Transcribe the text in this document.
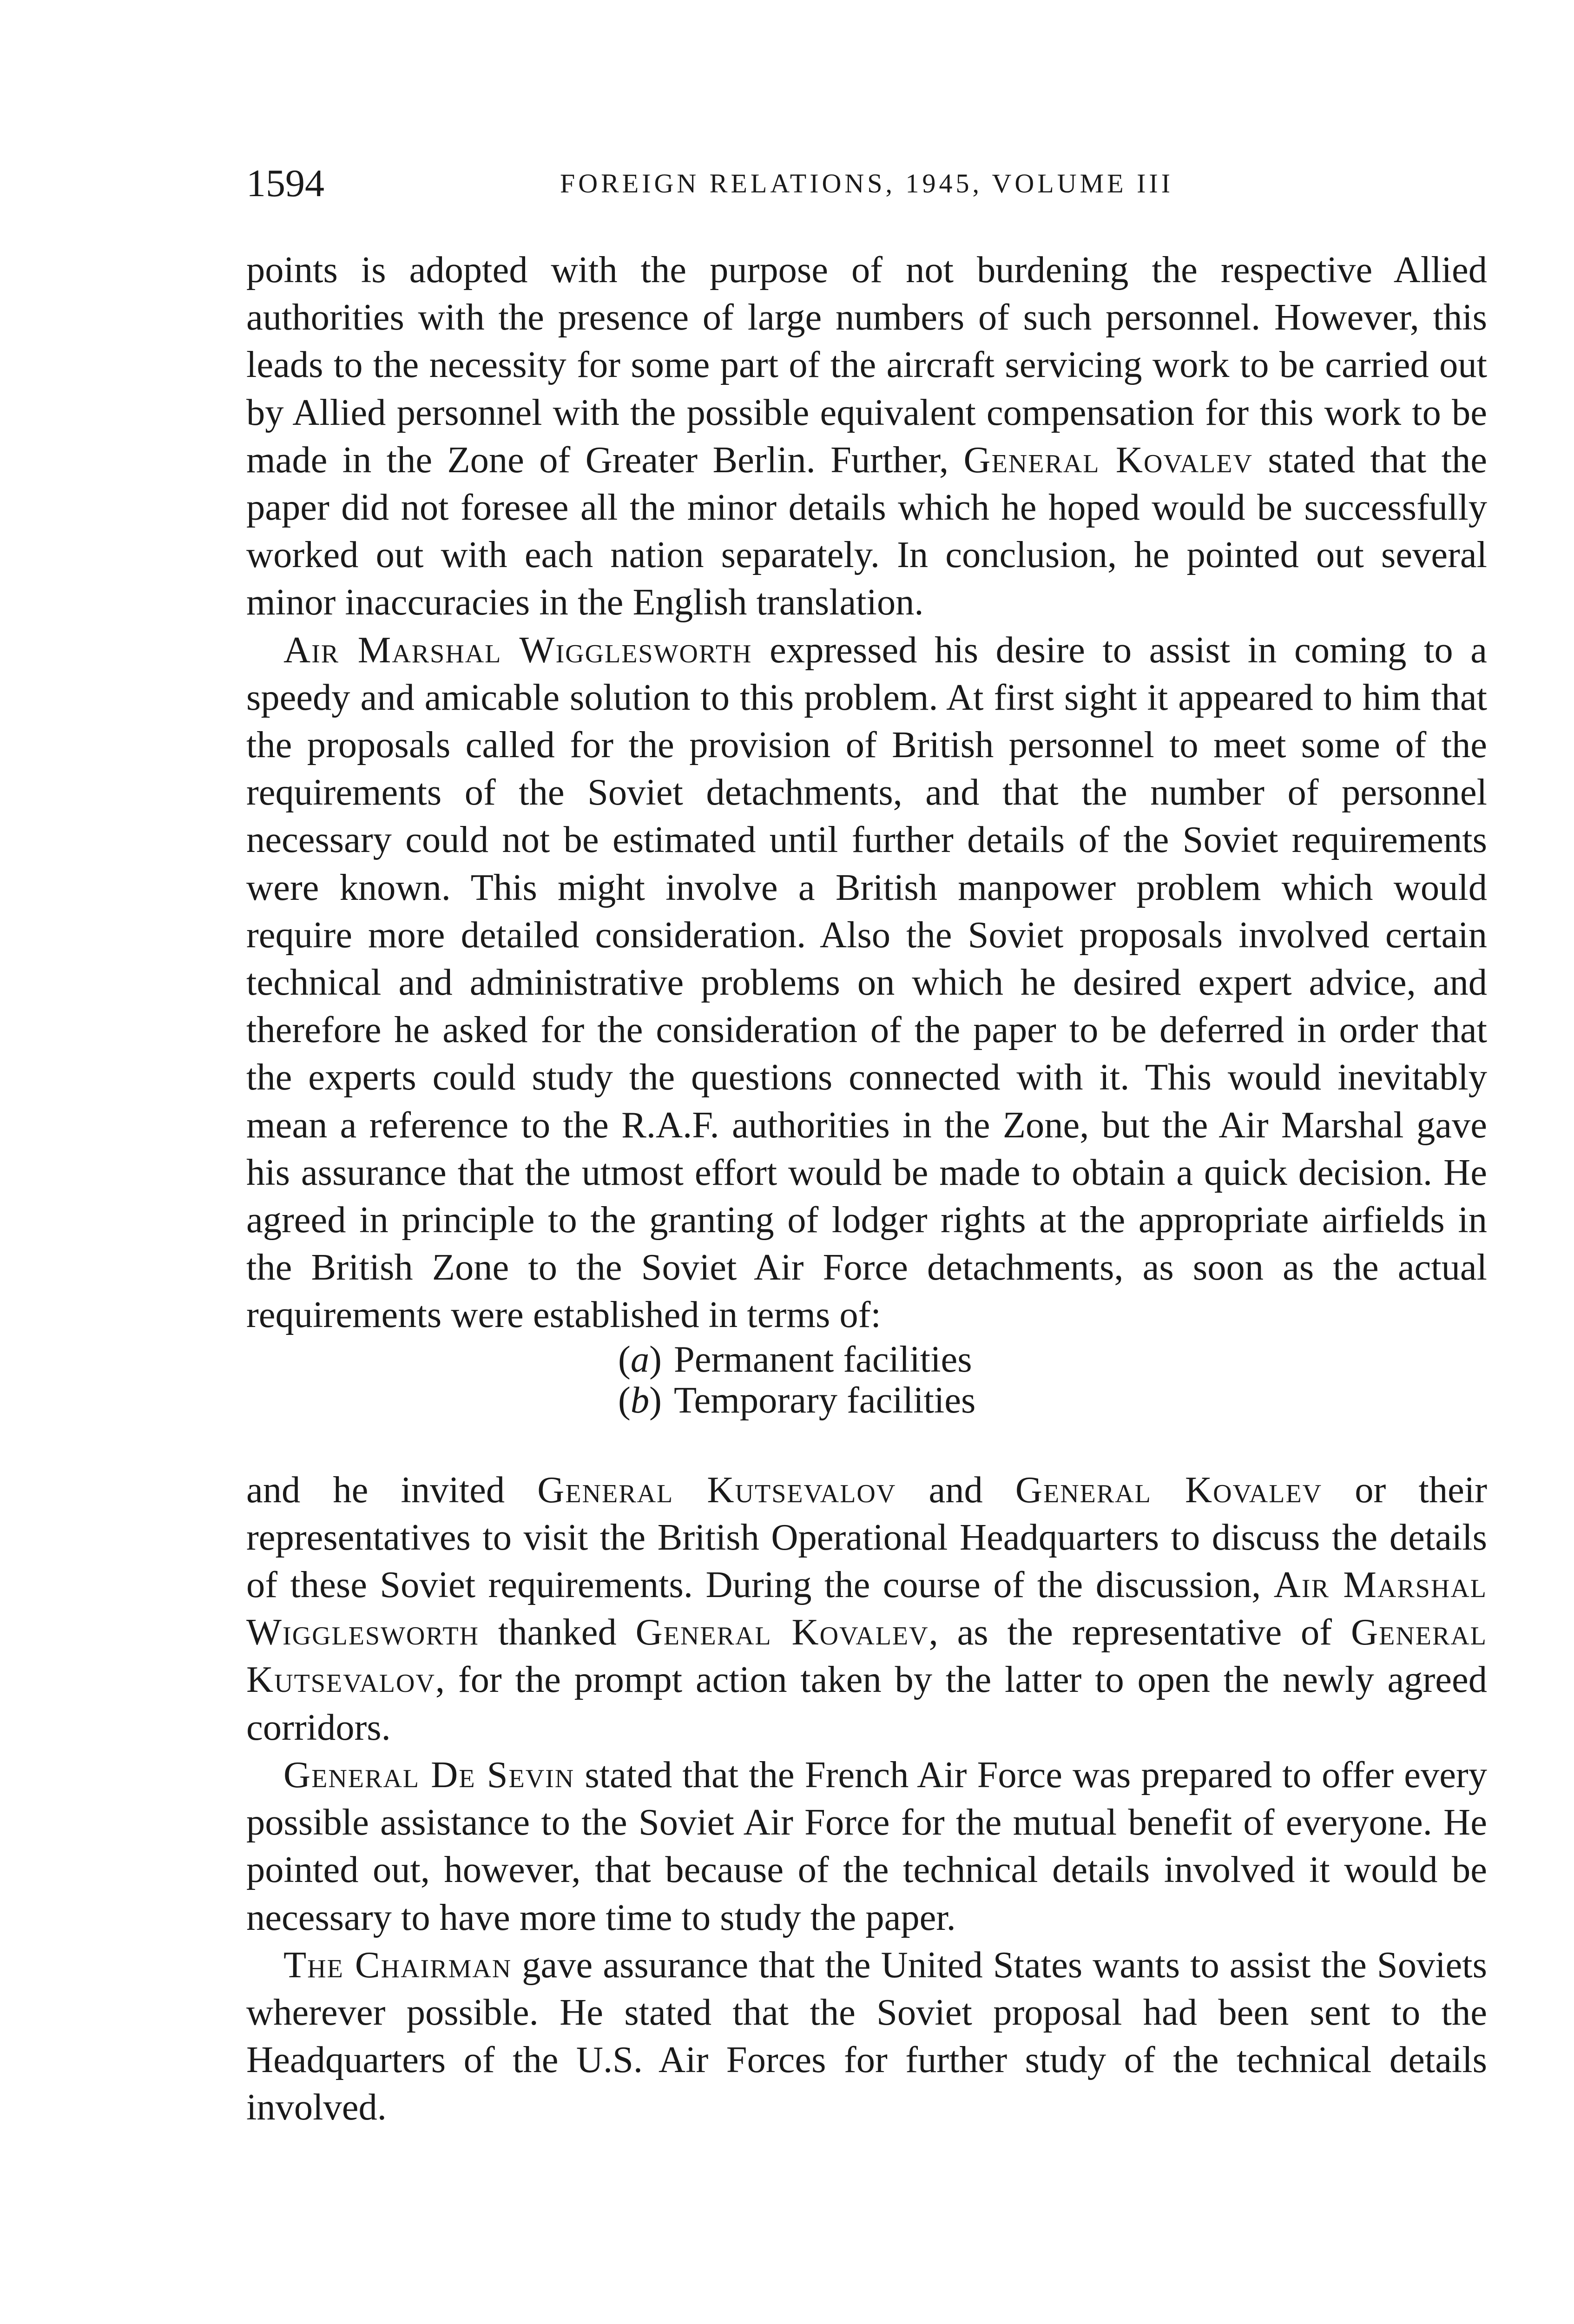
1594	FOREIGN RELATIONS, 1945, VOLUME III

points is adopted with the purpose of not burdening the respective Allied authorities with the presence of large numbers of such personnel. However, this leads to the necessity for some part of the aircraft servicing work to be carried out by Allied personnel with the possible equivalent compensation for this work to be made in the Zone of Greater Berlin. Further, General Kovalev stated that the paper did not foresee all the minor details which he hoped would be successfully worked out with each nation separately. In conclusion, he pointed out several minor inaccuracies in the English translation.

Air Marshal Wigglesworth expressed his desire to assist in coming to a speedy and amicable solution to this problem. At first sight it appeared to him that the proposals called for the provision of British personnel to meet some of the requirements of the Soviet detachments, and that the number of personnel necessary could not be estimated until further details of the Soviet requirements were known. This might involve a British manpower problem which would require more detailed consideration. Also the Soviet proposals involved certain technical and administrative problems on which he desired expert advice, and therefore he asked for the consideration of the paper to be deferred in order that the experts could study the questions connected with it. This would inevitably mean a reference to the R.A.F. authorities in the Zone, but the Air Marshal gave his assurance that the utmost effort would be made to obtain a quick decision. He agreed in principle to the granting of lodger rights at the appropriate airfields in the British Zone to the Soviet Air Force detachments, as soon as the actual requirements were established in terms of:

(a) Permanent facilities
(b) Temporary facilities

and he invited General Kutsevalov and General Kovalev or their representatives to visit the British Operational Headquarters to discuss the details of these Soviet requirements. During the course of the discussion, Air Marshal Wigglesworth thanked General Kovalev, as the representative of General Kutsevalov, for the prompt action taken by the latter to open the newly agreed corridors.

General De Sevin stated that the French Air Force was prepared to offer every possible assistance to the Soviet Air Force for the mutual benefit of everyone. He pointed out, however, that because of the technical details involved it would be necessary to have more time to study the paper.

The Chairman gave assurance that the United States wants to assist the Soviets wherever possible. He stated that the Soviet proposal had been sent to the Headquarters of the U.S. Air Forces for further study of the technical details involved.
